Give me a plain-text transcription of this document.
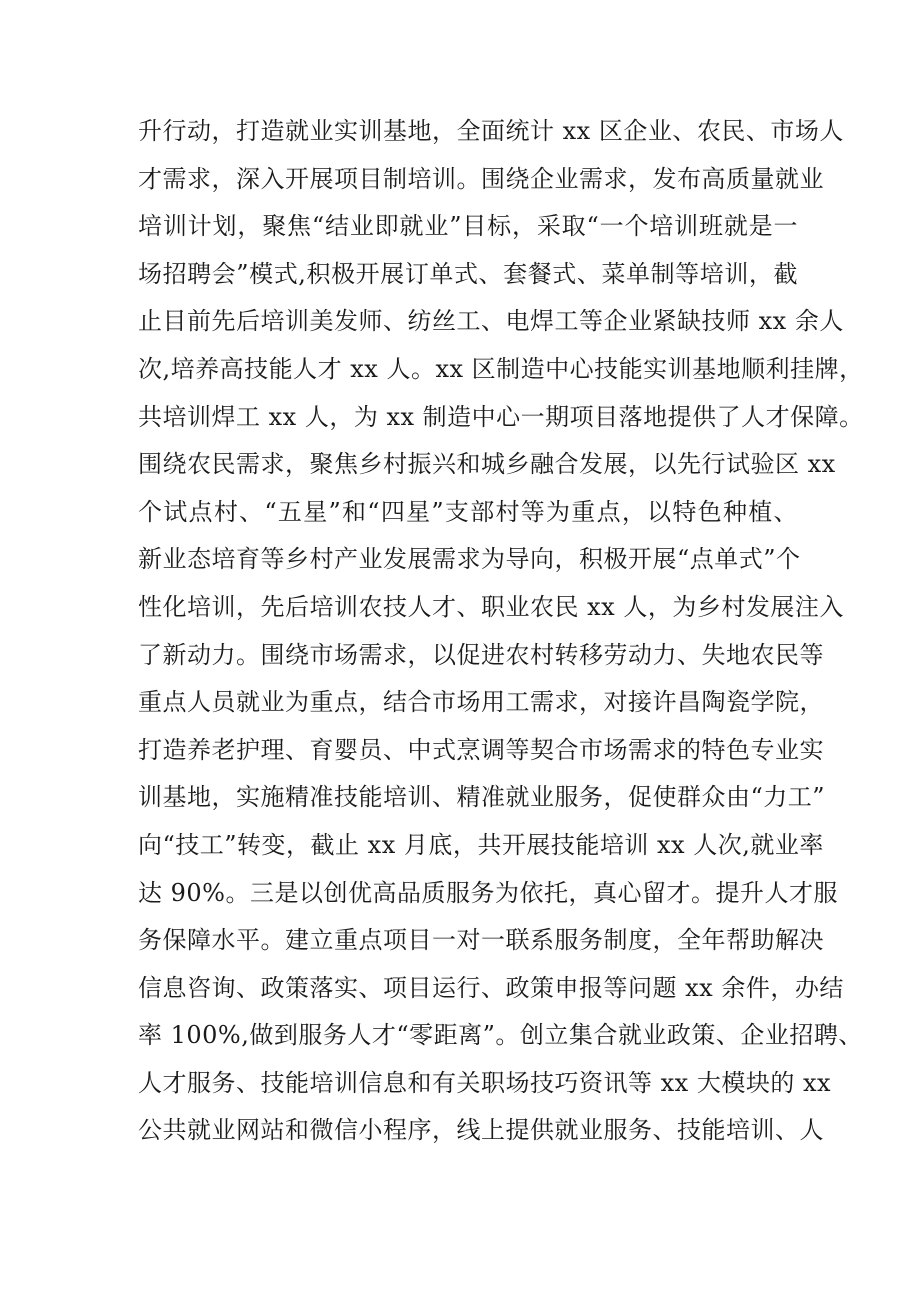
升行动，打造就业实训基地，全面统计 xx 区企业、农民、市场人
才需求，深入开展项目制培训。围绕企业需求，发布高质量就业
培训计划，聚焦“结业即就业”目标，采取“一个培训班就是一
场招聘会”模式,积极开展订单式、套餐式、菜单制等培训，截
止目前先后培训美发师、纺丝工、电焊工等企业紧缺技师 xx 余人
次,培养高技能人才 xx 人。xx 区制造中心技能实训基地顺利挂牌，
共培训焊工 xx 人，为 xx 制造中心一期项目落地提供了人才保障。
围绕农民需求，聚焦乡村振兴和城乡融合发展，以先行试验区 xx
个试点村、“五星”和“四星”支部村等为重点，以特色种植、
新业态培育等乡村产业发展需求为导向，积极开展“点单式”个
性化培训，先后培训农技人才、职业农民 xx 人，为乡村发展注入
了新动力。围绕市场需求，以促进农村转移劳动力、失地农民等
重点人员就业为重点，结合市场用工需求，对接许昌陶瓷学院，
打造养老护理、育婴员、中式烹调等契合市场需求的特色专业实
训基地，实施精准技能培训、精准就业服务，促使群众由“力工”
向“技工”转变，截止 xx 月底，共开展技能培训 xx 人次,就业率
达 90%。三是以创优高品质服务为依托，真心留才。提升人才服
务保障水平。建立重点项目一对一联系服务制度，全年帮助解决
信息咨询、政策落实、项目运行、政策申报等问题 xx 余件，办结
率 100%,做到服务人才“零距离”。创立集合就业政策、企业招聘、
人才服务、技能培训信息和有关职场技巧资讯等 xx 大模块的 xx
公共就业网站和微信小程序，线上提供就业服务、技能培训、人
